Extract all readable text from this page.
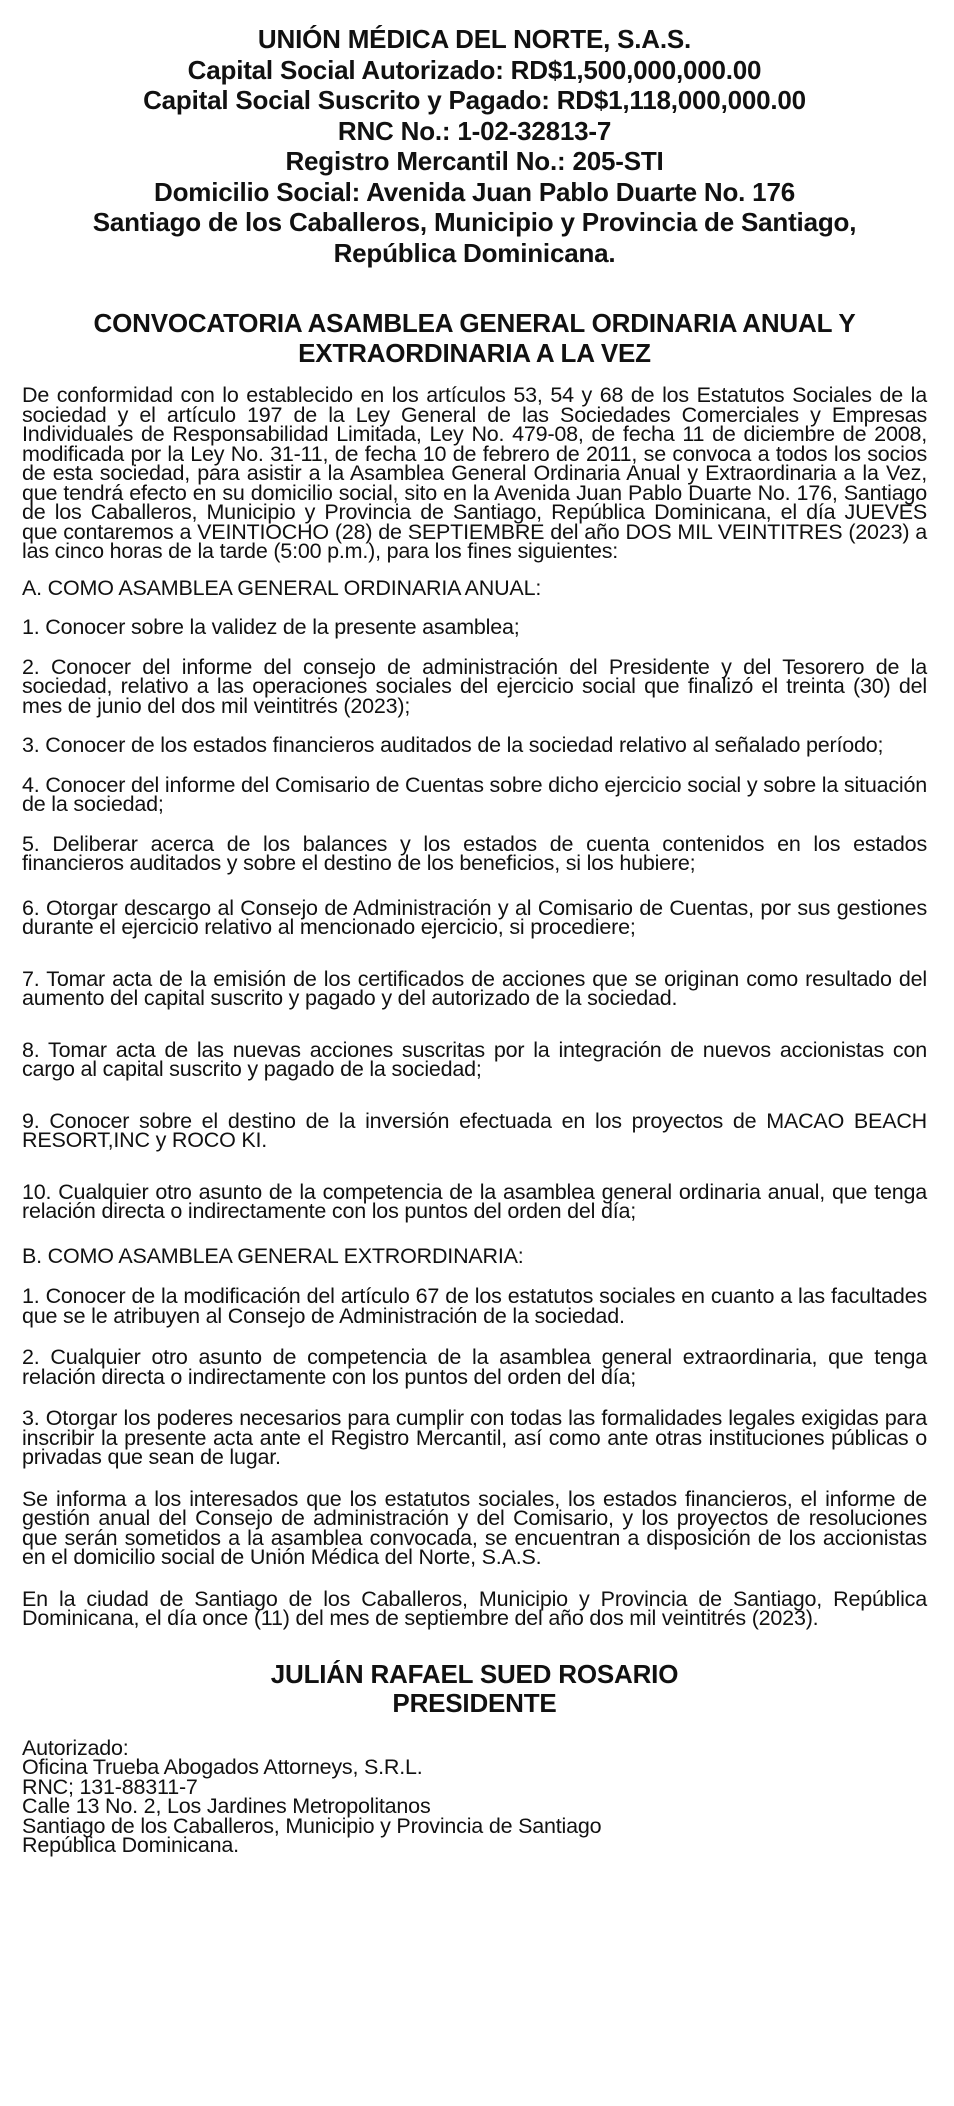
UNIÓN MÉDICA DEL NORTE, S.A.S.
Capital Social Autorizado: RD$1,500,000,000.00
Capital Social Suscrito y Pagado: RD$1,118,000,000.00
RNC No.: 1-02-32813-7
Registro Mercantil No.: 205-STI
Domicilio Social: Avenida Juan Pablo Duarte No. 176
Santiago de los Caballeros, Municipio y Provincia de Santiago,
República Dominicana.
CONVOCATORIA ASAMBLEA GENERAL ORDINARIA ANUAL Y
EXTRAORDINARIA A LA VEZ

De conformidad con lo establecido en los artículos 53, 54 y 68 de los Estatutos Sociales de la sociedad y el artículo 197 de la Ley General de las Sociedades Comerciales y Empresas Individuales de Responsabilidad Limitada, Ley No. 479-08, de fecha 11 de diciembre de 2008, modificada por la Ley No. 31-11, de fecha 10 de febrero de 2011, se convoca a todos los socios de esta sociedad, para asistir a la Asamblea General Ordinaria Anual y Extraordinaria a la Vez, que tendrá efecto en su domicilio social, sito en la Avenida Juan Pablo Duarte No. 176, Santiago de los Caballeros, Municipio y Provincia de Santiago, República Dominicana, el día JUEVES que contaremos a VEINTIOCHO (28) de SEPTIEMBRE del año DOS MIL VEINTITRES (2023) a las cinco horas de la tarde (5:00 p.m.), para los fines siguientes:

A. COMO ASAMBLEA GENERAL ORDINARIA ANUAL:

1. Conocer sobre la validez de la presente asamblea;

2. Conocer del informe del consejo de administración del Presidente y del Tesorero de la sociedad, relativo a las operaciones sociales del ejercicio social que finalizó el treinta (30) del mes de junio del dos mil veintitrés (2023);

3. Conocer de los estados financieros auditados de la sociedad relativo al señalado período;

4. Conocer del informe del Comisario de Cuentas sobre dicho ejercicio social y sobre la situación de la sociedad;

5. Deliberar acerca de los balances y los estados de cuenta contenidos en los estados financieros auditados y sobre el destino de los beneficios, si los hubiere;

6. Otorgar descargo al Consejo de Administración y al Comisario de Cuentas, por sus gestiones durante el ejercicio relativo al mencionado ejercicio, si procediere;

7. Tomar acta de la emisión de los certificados de acciones que se originan como resultado del aumento del capital suscrito y pagado y del autorizado de la sociedad.

8. Tomar acta de las nuevas acciones suscritas por la integración de nuevos accionistas con cargo al capital suscrito y pagado de la sociedad;

9. Conocer sobre el destino de la inversión efectuada en los proyectos de MACAO BEACH RESORT,INC y ROCO KI.

10. Cualquier otro asunto de la competencia de la asamblea general ordinaria anual, que tenga relación directa o indirectamente con los puntos del orden del día;

B. COMO ASAMBLEA GENERAL EXTRORDINARIA:

1. Conocer de la modificación del artículo 67 de los estatutos sociales en cuanto a las facultades que se le atribuyen al Consejo de Administración de la sociedad.

2. Cualquier otro asunto de competencia de la asamblea general extraordinaria, que tenga relación directa o indirectamente con los puntos del orden del día;

3. Otorgar los poderes necesarios para cumplir con todas las formalidades legales exigidas para inscribir la presente acta ante el Registro Mercantil, así como ante otras instituciones públicas o privadas que sean de lugar.

Se informa a los interesados que los estatutos sociales, los estados financieros, el informe de gestión anual del Consejo de administración y del Comisario, y los proyectos de resoluciones que serán sometidos a la asamblea convocada, se encuentran a disposición de los accionistas en el domicilio social de Unión Médica del Norte, S.A.S.

En la ciudad de Santiago de los Caballeros, Municipio y Provincia de Santiago, República Dominicana, el día once (11) del mes de septiembre del año dos mil veintitrés (2023).

JULIÁN RAFAEL SUED ROSARIO
PRESIDENTE
Autorizado:
Oficina Trueba Abogados Attorneys, S.R.L.
RNC; 131-88311-7
Calle 13 No. 2, Los Jardines Metropolitanos
Santiago de los Caballeros, Municipio y Provincia de Santiago
República Dominicana.
